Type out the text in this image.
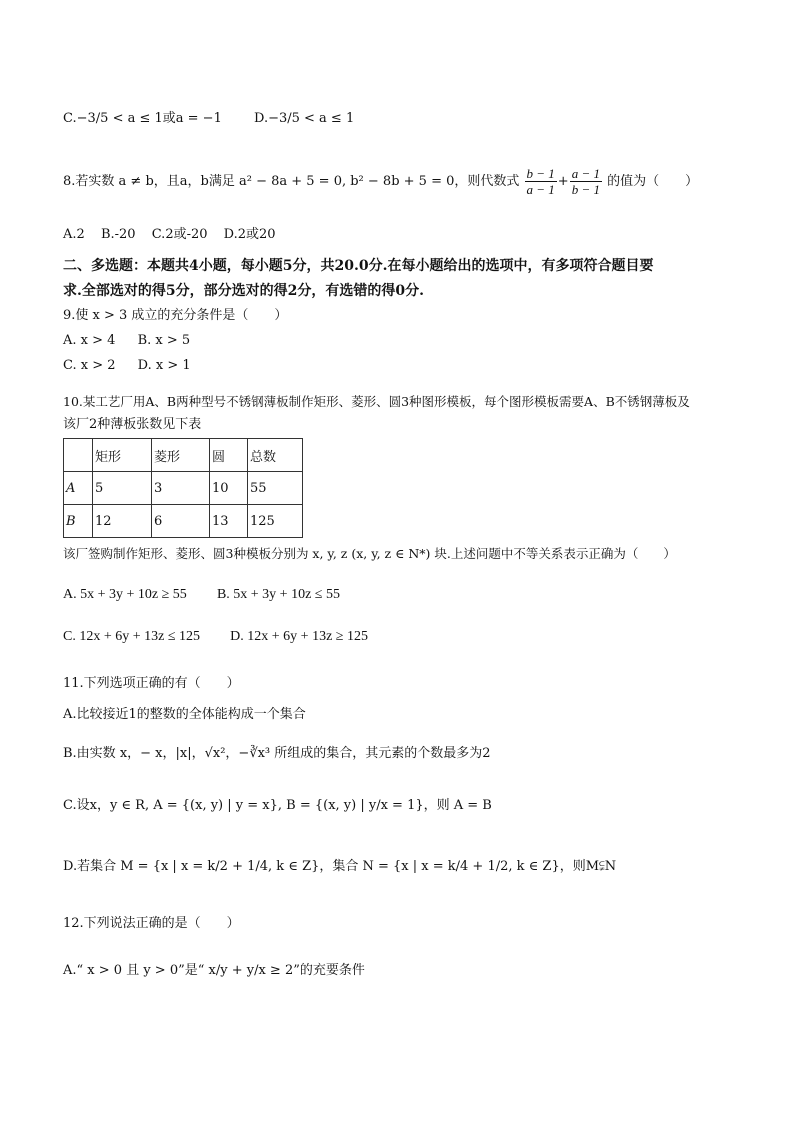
C.−3/5 < a ≤ 1或a = −1 D.−3/5 < a ≤ 1
8.若实数 a ≠ b，且a，b满足 a² − 8a + 5 = 0, b² − 8b + 5 = 0，则代数式 $\frac{b - 1}{a - 1} + \frac{a - 1}{b - 1}$ 的值为（　　）
A.2 B.-20 C.2或-20 D.2或20
二、多选题：本题共4小题，每小题5分，共20.0分.在每小题给出的选项中，有多项符合题目要
求.全部选对的得5分，部分选对的得2分，有选错的得0分.
9.使 x > 3 成立的充分条件是（　　）
A. x > 4 B. x > 5
C. x > 2 D. x > 1
10.某工艺厂用A、B两种型号不锈钢薄板制作矩形、菱形、圆3种图形模板，每个图形模板需要A、B不锈钢薄板及
该厂2种薄板张数见下表
	矩形	菱形	圆	总数
A	5	3	10	55
B	12	6	13	125
该厂签购制作矩形、菱形、圆3种模板分别为 x, y, z (x, y, z ∈ N*) 块.上述问题中不等关系表示正确为（　　）
A. 5x + 3y + 10z ≥ 55 B. 5x + 3y + 10z ≤ 55
C. 12x + 6y + 13z ≤ 125 D. 12x + 6y + 13z ≥ 125
11.下列选项正确的有（　　）
A.比较接近1的整数的全体能构成一个集合
B.由实数 x，− x，|x|，√x²，−∛x³ 所组成的集合，其元素的个数最多为2
C.设x，y ∈ R, A = {(x, y) | y = x}, B = {(x, y) | y/x = 1}，则 A = B
D.若集合 M = {x | x = k/2 + 1/4, k ∈ Z}，集合 N = {x | x = k/4 + 1/2, k ∈ Z}，则M⫋N
12.下列说法正确的是（　　）
A.“ x > 0 且 y > 0”是“ x/y + y/x ≥ 2”的充要条件
